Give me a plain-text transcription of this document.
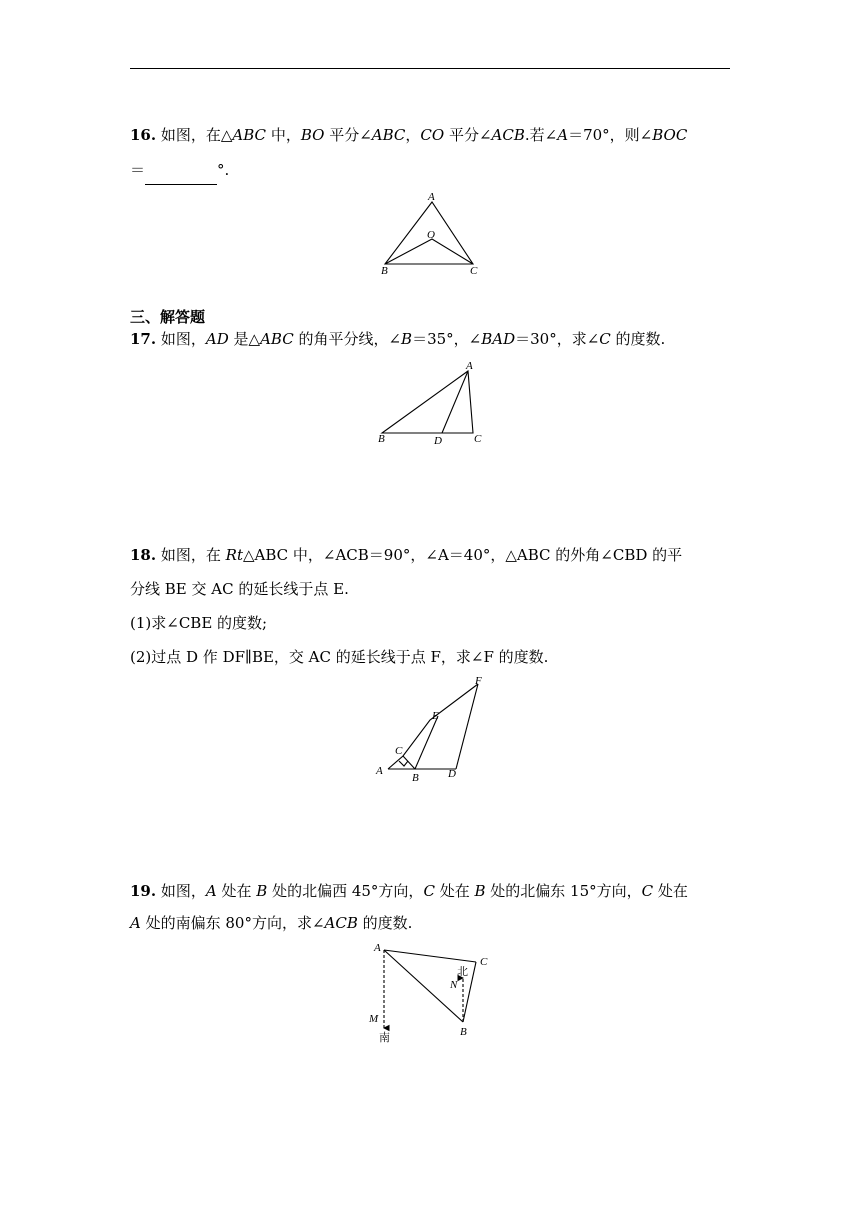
16. 如图，在△ABC 中，BO 平分∠ABC，CO 平分∠ACB.若∠A＝70°，则∠BOC
＝	°.
A
O
B	C
三、解答题
17. 如图，AD 是△ABC 的角平分线，∠B＝35°，∠BAD＝30°，求∠C 的度数.
A
B	D	C
18. 如图，在 Rt△ABC 中，∠ACB＝90°，∠A＝40°，△ABC 的外角∠CBD 的平
分线 BE 交 AC 的延长线于点 E.
(1)求∠CBE 的度数;
(2)过点 D 作 DF∥BE，交 AC 的延长线于点 F，求∠F 的度数.
F
E
C
A
B	D
19. 如图，A 处在 B 处的北偏西 45°方向，C 处在 B 处的北偏东 15°方向，C 处在
A 处的南偏东 80°方向，求∠ACB 的度数.
A
C
北
N
M
南	B
